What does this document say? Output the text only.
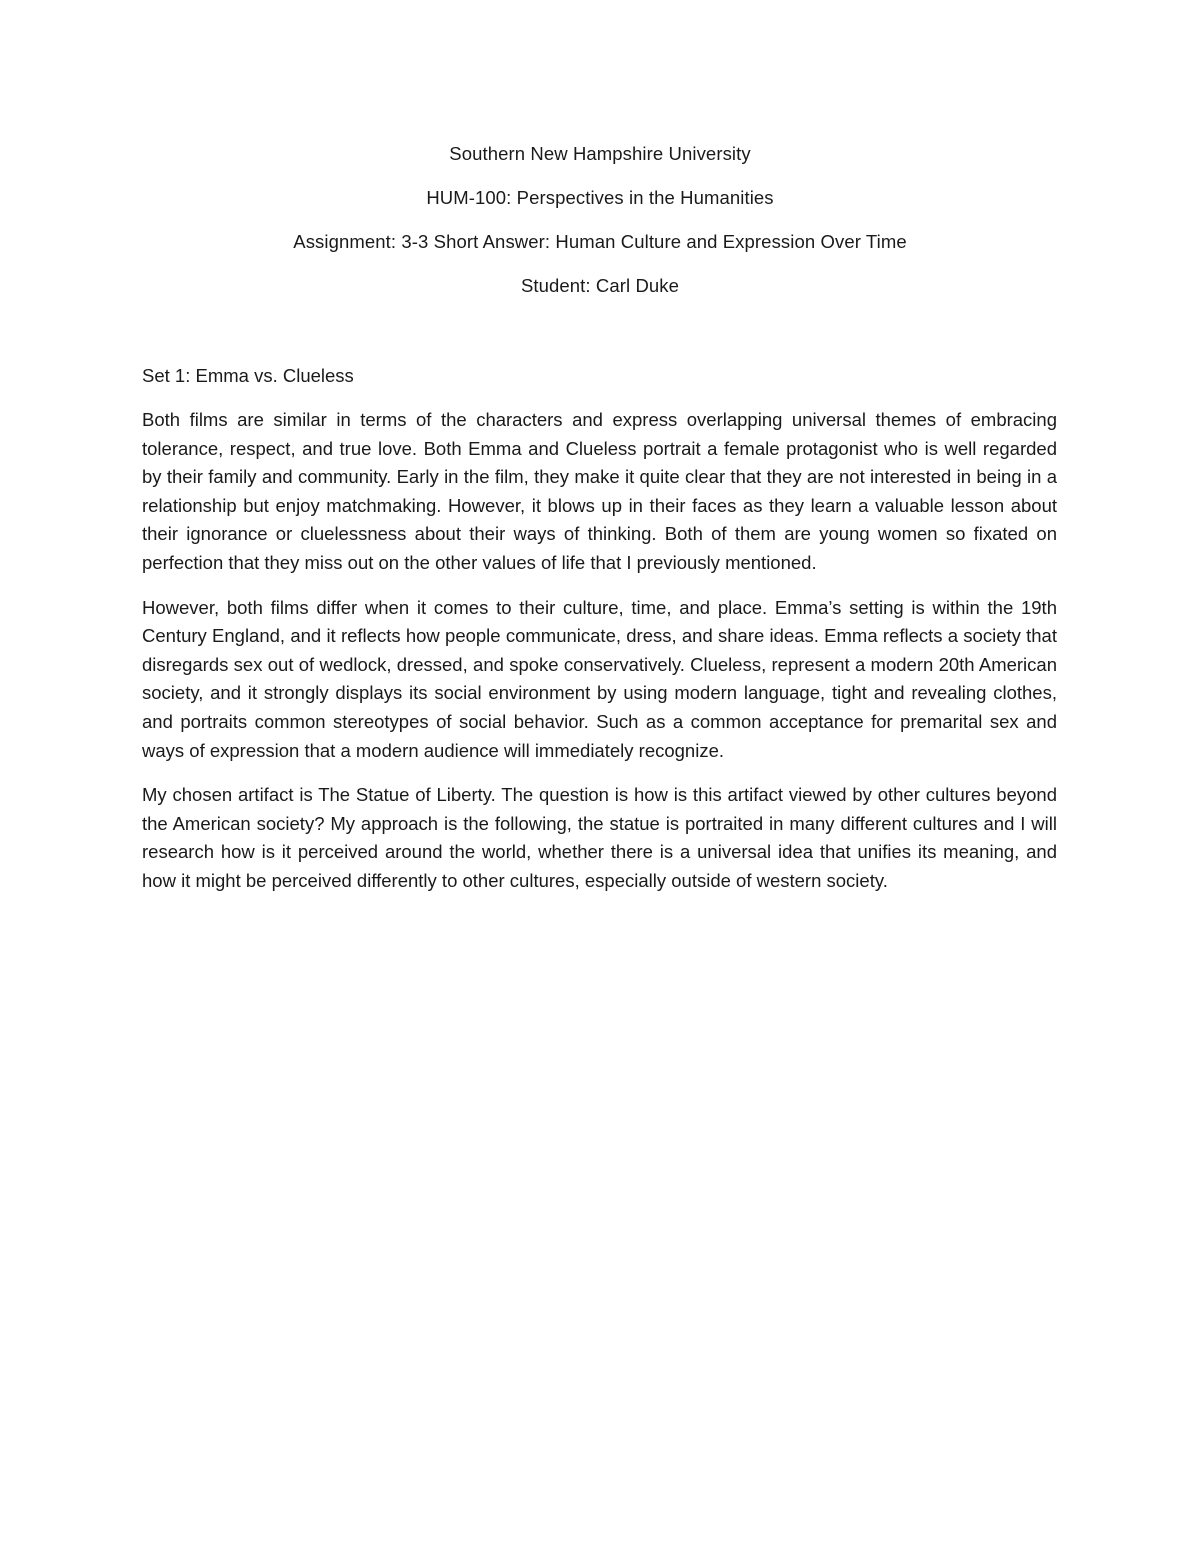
Southern New Hampshire University

HUM-100: Perspectives in the Humanities

Assignment: 3-3 Short Answer: Human Culture and Expression Over Time

Student: Carl Duke

Set 1: Emma vs. Clueless

Both films are similar in terms of the characters and express overlapping universal themes of embracing tolerance, respect, and true love. Both Emma and Clueless portrait a female protagonist who is well regarded by their family and community. Early in the film, they make it quite clear that they are not interested in being in a relationship but enjoy matchmaking. However, it blows up in their faces as they learn a valuable lesson about their ignorance or cluelessness about their ways of thinking. Both of them are young women so fixated on perfection that they miss out on the other values of life that I previously mentioned.

However, both films differ when it comes to their culture, time, and place. Emma’s setting is within the 19th Century England, and it reflects how people communicate, dress, and share ideas. Emma reflects a society that disregards sex out of wedlock, dressed, and spoke conservatively. Clueless, represent a modern 20th American society, and it strongly displays its social environment by using modern language, tight and revealing clothes, and portraits common stereotypes of social behavior. Such as a common acceptance for premarital sex and ways of expression that a modern audience will immediately recognize.

My chosen artifact is The Statue of Liberty. The question is how is this artifact viewed by other cultures beyond the American society? My approach is the following, the statue is portraited in many different cultures and I will research how is it perceived around the world, whether there is a universal idea that unifies its meaning, and how it might be perceived differently to other cultures, especially outside of western society.
